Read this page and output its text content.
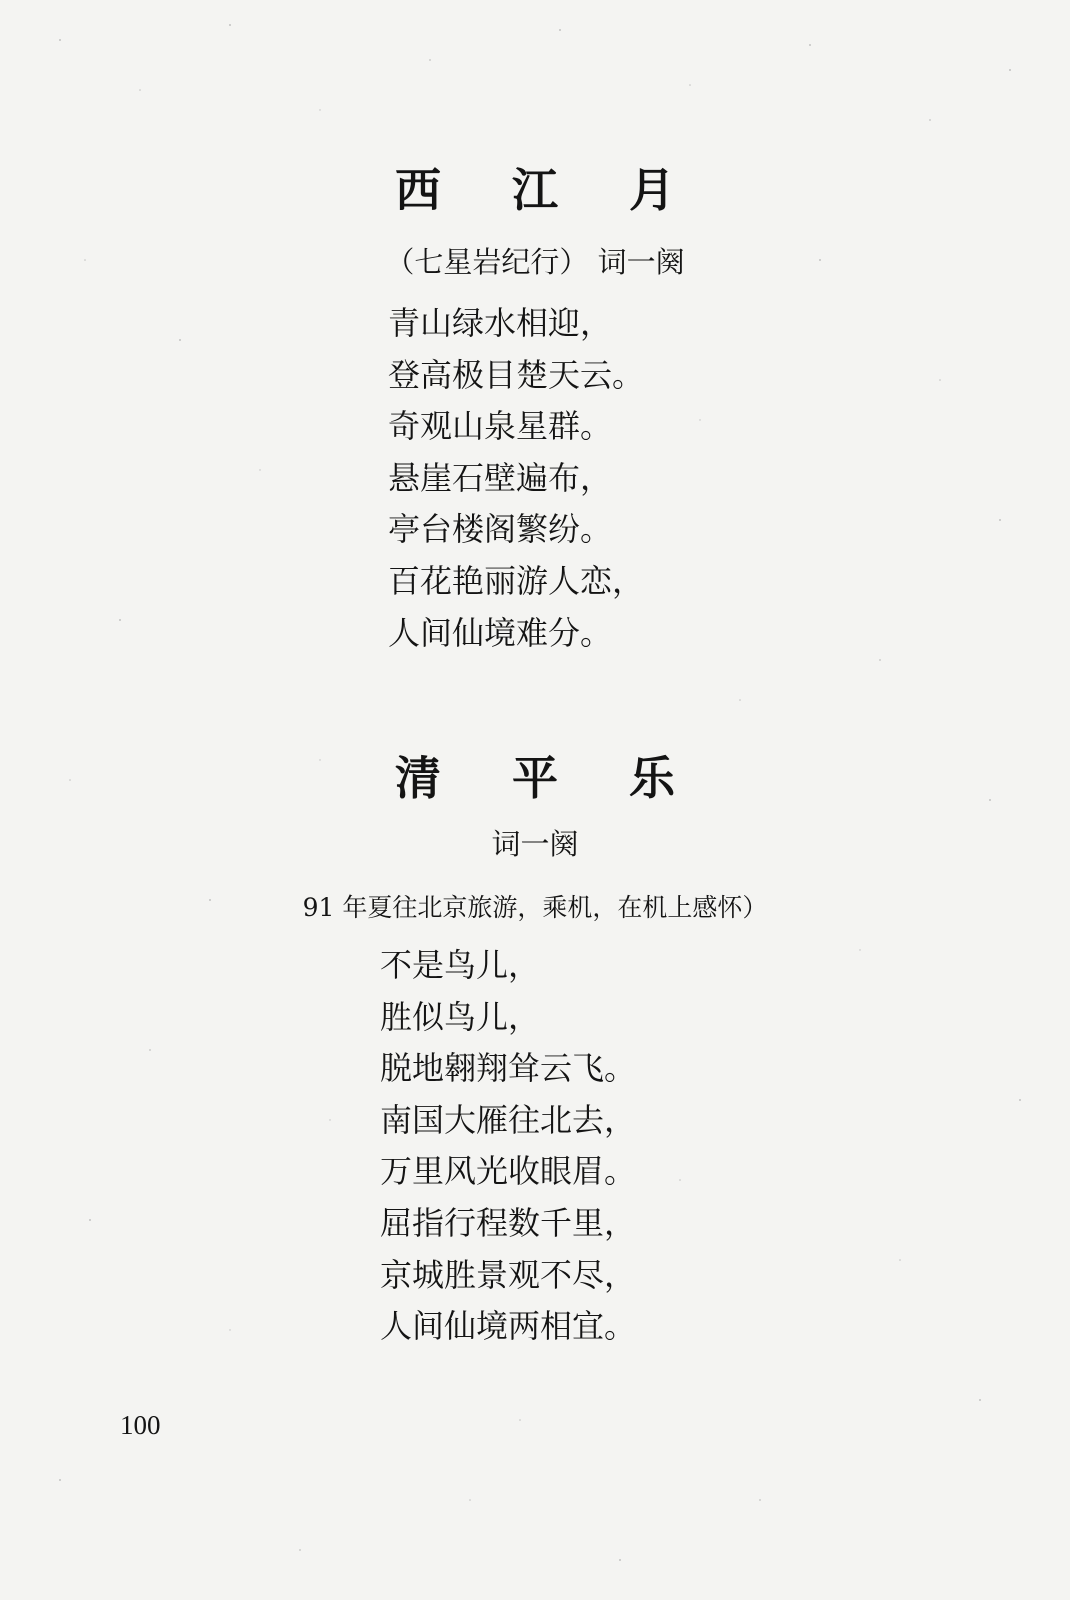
西 江 月
（七星岩纪行） 词一阕
青山绿水相迎，
登高极目楚天云。
奇观山泉星群。
悬崖石壁遍布，
亭台楼阁繁纷。
百花艳丽游人恋，
人间仙境难分。
清 平 乐
词一阕
91 年夏往北京旅游，乘机，在机上感怀）
不是鸟儿，
胜似鸟儿，
脱地翱翔耸云飞。
南国大雁往北去，
万里风光收眼眉。
屈指行程数千里，
京城胜景观不尽，
人间仙境两相宜。
100
